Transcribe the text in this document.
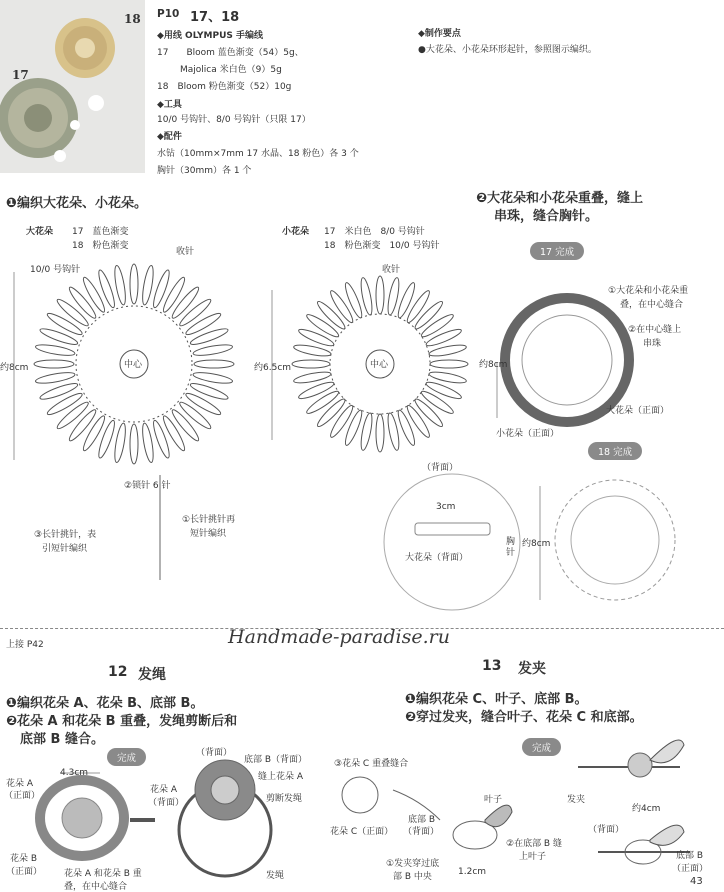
18
17
P10 17、18
◆用线 OLYMPUS 手编线
17　　Bloom 蓝色渐变（54）5g、
Majolica 米白色（9）5g
18　Bloom 粉色渐变（52）10g
◆工具
10/0 号钩针、8/0 号钩针（只限 17）
◆配件
水钻（10mm×7mm 17 水晶、18 粉色）各 3 个
胸针（30mm）各 1 个
◆制作要点
●大花朵、小花朵环形起针，参照图示编织。
❶编织大花朵、小花朵。
大花朵 17　蓝色渐变
18　粉色渐变
10/0 号钩针
收针
约8cm
小花朵 17　米白色　8/0 号钩针
18　粉色渐变　10/0 号钩针
收针
约6.5cm
中心	中心
②锁针 6 针
①长针挑针再
短针编织
③长针挑针，表
引短针编织
❷大花朵和小花朵重叠，缝上
串珠，缝合胸针。
17 完成
①大花朵和小花朵重
叠，在中心缝合
②在中心缝上
串珠
约8cm
大花朵（正面）
小花朵（正面）
18 完成
（背面）
3cm
大花朵（背面）
胸针
约8cm
上接 P42	Handmade-paradise.ru
12 发绳
❶编织花朵 A、花朵 B、底部 B。
❷花朵 A 和花朵 B 重叠，发绳剪断后和
底部 B 缝合。
完成
花朵 A
（正面）
4.3cm
花朵 B
（正面） 花朵 A 和花朵 B 重
叠，在中心缝合
（背面）
底部 B（背面）
缝上花朵 A
剪断发绳
花朵 A
（背面）
发绳
13 发夹
❶编织花朵 C、叶子、底部 B。
❷穿过发夹，缝合叶子、花朵 C 和底部。
完成
③花朵 C 重叠缝合
花朵 C（正面）
底部 B
（背面）
叶子
②在底部 B 缝
上叶子
①发夹穿过底
部 B 中央	1.2cm
发夹
约4cm
（背面）
底部 B
（正面）
43
